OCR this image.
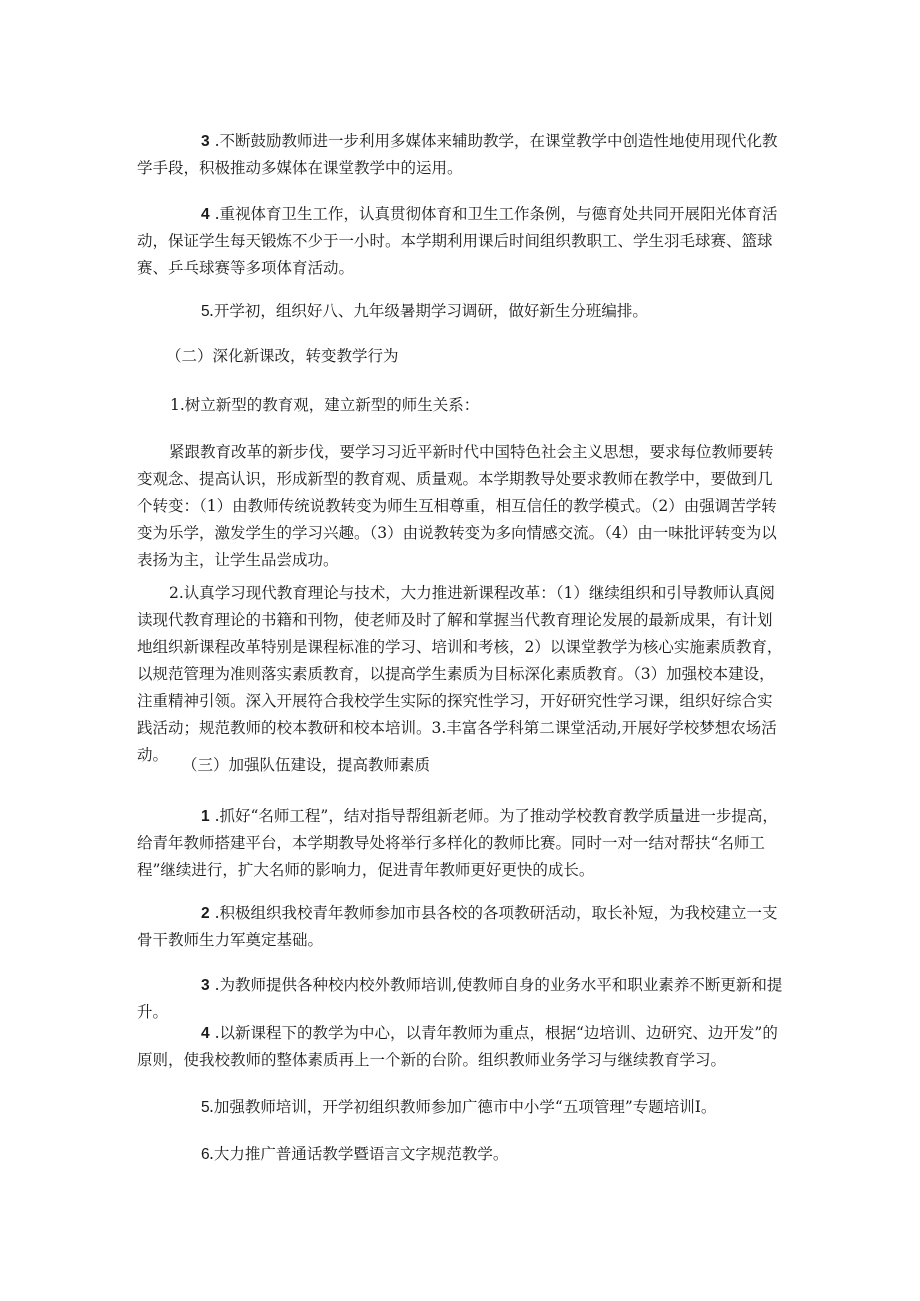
3 .不断鼓励教师进一步利用多媒体来辅助教学，在课堂教学中创造性地使用现代化教学手段，积极推动多媒体在课堂教学中的运用。

4 .重视体育卫生工作，认真贯彻体育和卫生工作条例，与德育处共同开展阳光体育活动，保证学生每天锻炼不少于一小时。本学期利用课后时间组织教职工、学生羽毛球赛、篮球赛、乒乓球赛等多项体育活动。

5.开学初，组织好八、九年级暑期学习调研，做好新生分班编排。

（二）深化新课改，转变教学行为

1.树立新型的教育观，建立新型的师生关系：

紧跟教育改革的新步伐，要学习习近平新时代中国特色社会主义思想，要求每位教师要转变观念、提高认识，形成新型的教育观、质量观。本学期教导处要求教师在教学中，要做到几个转变：（1）由教师传统说教转变为师生互相尊重，相互信任的教学模式。（2）由强调苦学转变为乐学，激发学生的学习兴趣。（3）由说教转变为多向情感交流。（4）由一味批评转变为以表扬为主，让学生品尝成功。

2.认真学习现代教育理论与技术，大力推进新课程改革：（1）继续组织和引导教师认真阅读现代教育理论的书籍和刊物，使老师及时了解和掌握当代教育理论发展的最新成果，有计划地组织新课程改革特别是课程标准的学习、培训和考核，2）以课堂教学为核心实施素质教育，以规范管理为准则落实素质教育，以提高学生素质为目标深化素质教育。（3）加强校本建设，注重精神引领。深入开展符合我校学生实际的探究性学习，开好研究性学习课，组织好综合实践活动；规范教师的校本教研和校本培训。3.丰富各学科第二课堂活动,开展好学校梦想农场活动。

（三）加强队伍建设，提高教师素质

1 .抓好“名师工程”，结对指导帮组新老师。为了推动学校教育教学质量进一步提高，给青年教师搭建平台，本学期教导处将举行多样化的教师比赛。同时一对一结对帮扶“名师工程”继续进行，扩大名师的影响力，促进青年教师更好更快的成长。

2 .积极组织我校青年教师参加市县各校的各项教研活动，取长补短，为我校建立一支骨干教师生力军奠定基础。

3 .为教师提供各种校内校外教师培训,使教师自身的业务水平和职业素养不断更新和提升。

4 .以新课程下的教学为中心，以青年教师为重点，根据“边培训、边研究、边开发”的原则，使我校教师的整体素质再上一个新的台阶。组织教师业务学习与继续教育学习。

5.加强教师培训，开学初组织教师参加广德市中小学“五项管理”专题培训I。

6.大力推广普通话教学暨语言文字规范教学。
